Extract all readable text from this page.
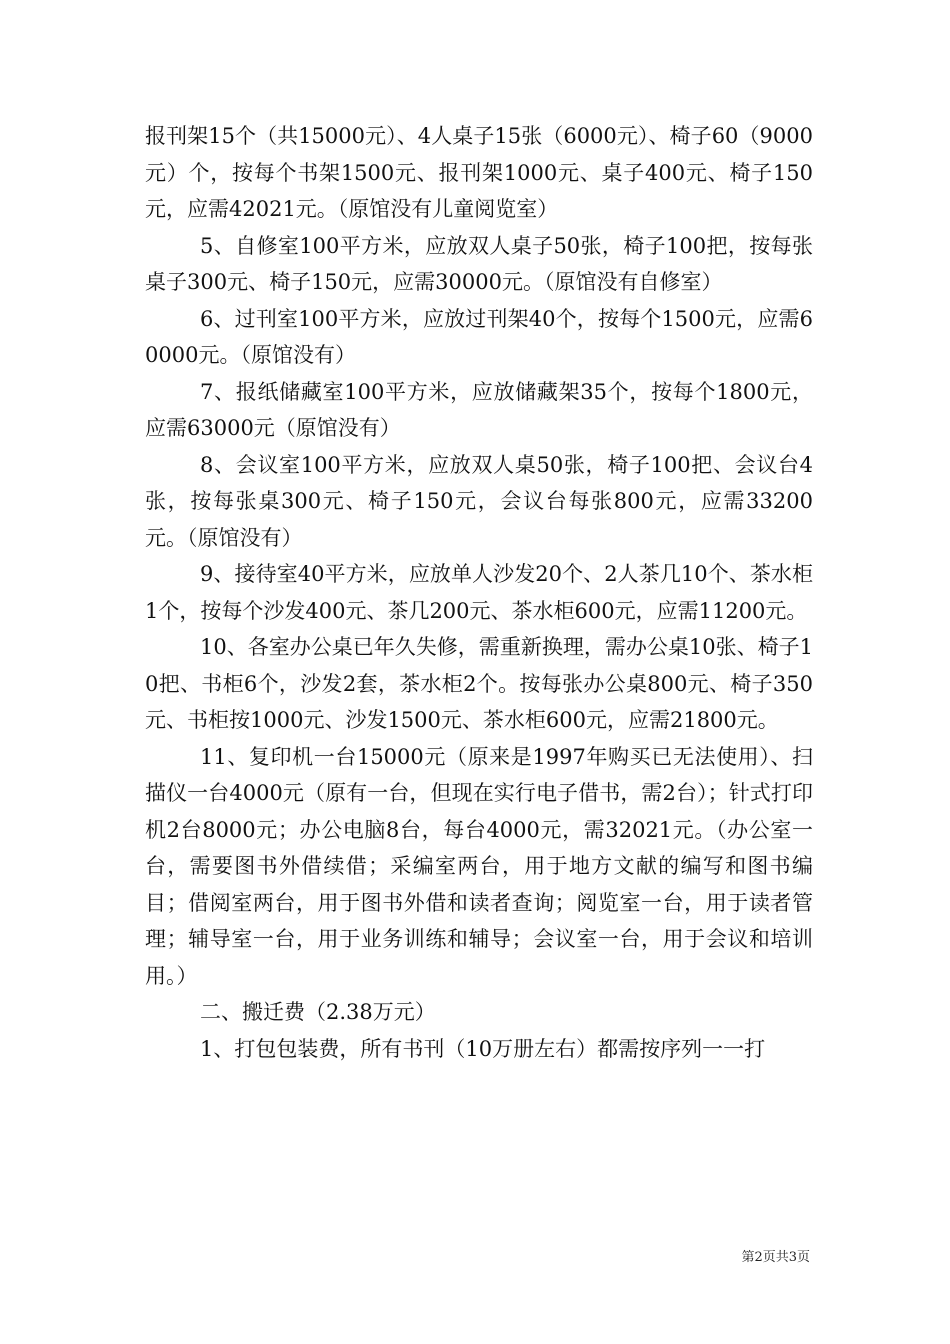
报刊架15个（共15000元）、4人桌子15张（6000元）、椅子60（9000元）个，按每个书架1500元、报刊架1000元、桌子400元、椅子150元，应需42021元。（原馆没有儿童阅览室）

5、自修室100平方米，应放双人桌子50张，椅子100把，按每张桌子300元、椅子150元，应需30000元。（原馆没有自修室）

6、过刊室100平方米，应放过刊架40个，按每个1500元，应需60000元。（原馆没有）

7、报纸储藏室100平方米，应放储藏架35个，按每个1800元，应需63000元（原馆没有）

8、会议室100平方米，应放双人桌50张，椅子100把、会议台4张，按每张桌300元、椅子150元，会议台每张800元，应需33200元。（原馆没有）

9、接待室40平方米，应放单人沙发20个、2人茶几10个、茶水柜1个，按每个沙发400元、茶几200元、茶水柜600元，应需11200元。

10、各室办公桌已年久失修，需重新换理，需办公桌10张、椅子10把、书柜6个，沙发2套，茶水柜2个。按每张办公桌800元、椅子350元、书柜按1000元、沙发1500元、茶水柜600元，应需21800元。

11、复印机一台15000元（原来是1997年购买已无法使用）、扫描仪一台4000元（原有一台，但现在实行电子借书，需2台）；针式打印机2台8000元；办公电脑8台，每台4000元，需32021元。（办公室一台，需要图书外借续借；采编室两台，用于地方文献的编写和图书编目；借阅室两台，用于图书外借和读者查询；阅览室一台，用于读者管理；辅导室一台，用于业务训练和辅导；会议室一台，用于会议和培训用。）

二、搬迁费（2.38万元）

1、打包包装费，所有书刊（10万册左右）都需按序列一一打

第2页共3页
